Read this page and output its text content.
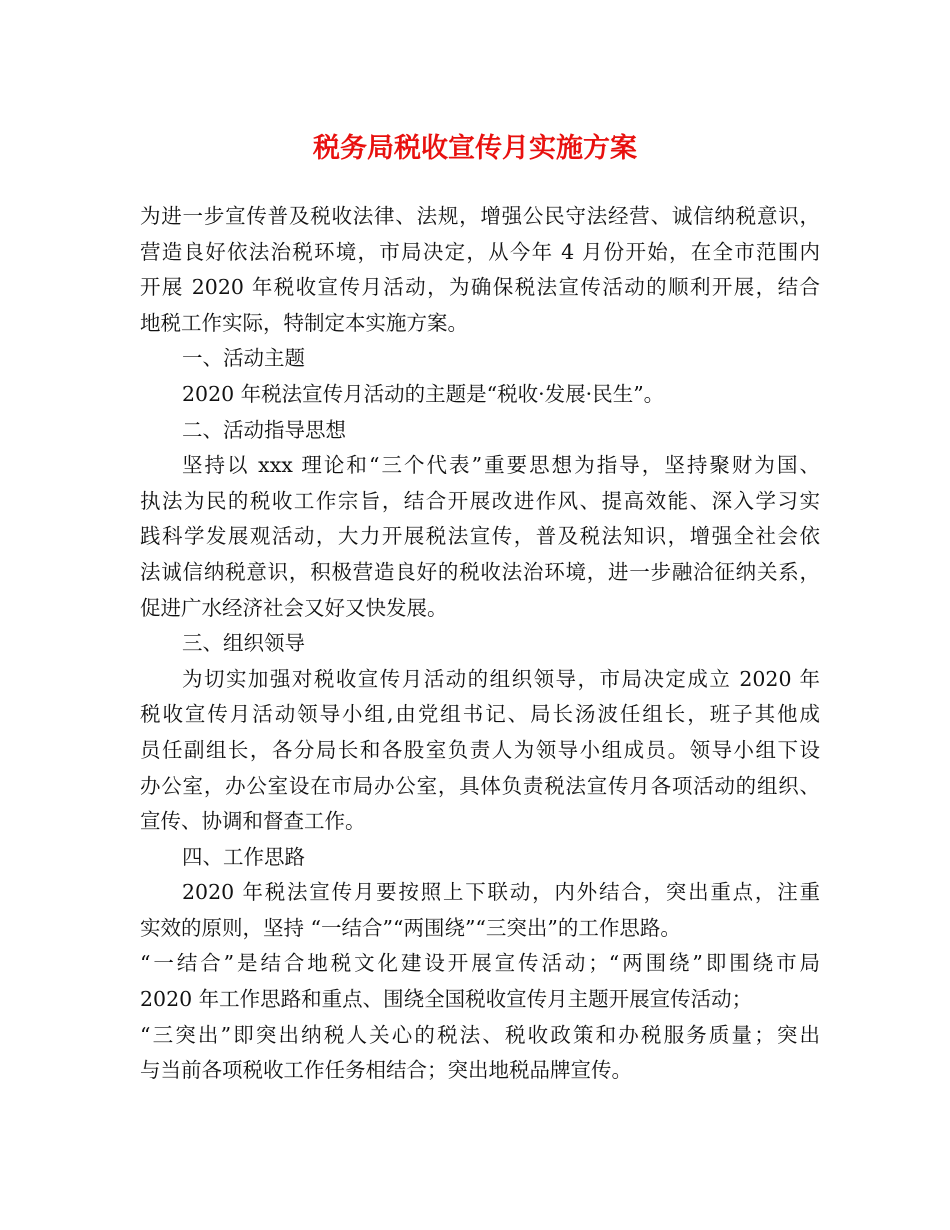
税务局税收宣传月实施方案
为进一步宣传普及税收法律、法规，增强公民守法经营、诚信纳税意识，
营造良好依法治税环境，市局决定，从今年 4 月份开始，在全市范围内
开展 2020 年税收宣传月活动，为确保税法宣传活动的顺利开展，结合
地税工作实际，特制定本实施方案。
一、活动主题
2020 年税法宣传月活动的主题是“税收·发展·民生”。
二、活动指导思想
坚持以 xxx 理论和“三个代表”重要思想为指导，坚持聚财为国、
执法为民的税收工作宗旨，结合开展改进作风、提高效能、深入学习实
践科学发展观活动，大力开展税法宣传，普及税法知识，增强全社会依
法诚信纳税意识，积极营造良好的税收法治环境，进一步融洽征纳关系，
促进广水经济社会又好又快发展。
三、组织领导
为切实加强对税收宣传月活动的组织领导，市局决定成立 2020 年
税收宣传月活动领导小组,由党组书记、局长汤波任组长，班子其他成
员任副组长，各分局长和各股室负责人为领导小组成员。领导小组下设
办公室，办公室设在市局办公室，具体负责税法宣传月各项活动的组织、
宣传、协调和督查工作。
四、工作思路
2020 年税法宣传月要按照上下联动，内外结合，突出重点，注重
实效的原则，坚持 “一结合”“两围绕”“三突出”的工作思路。
“一结合”是结合地税文化建设开展宣传活动；“两围绕”即围绕市局
2020 年工作思路和重点、围绕全国税收宣传月主题开展宣传活动；
“三突出”即突出纳税人关心的税法、税收政策和办税服务质量；突出
与当前各项税收工作任务相结合；突出地税品牌宣传。
